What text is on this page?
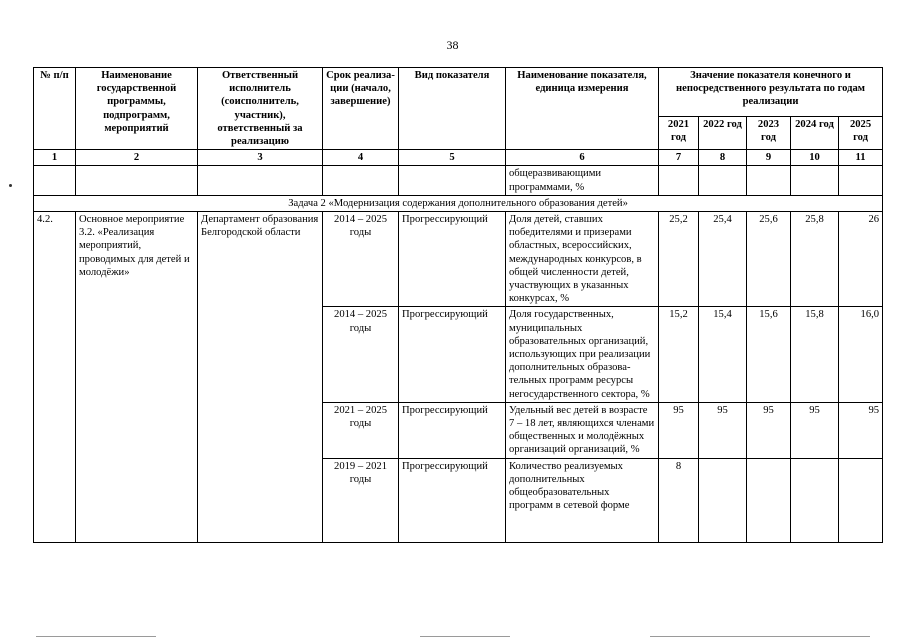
38
№ п/п	Наименование государственной программы, подпрограмм, мероприятий	Ответственный исполнитель (соисполнитель, участник), ответственный за реализацию	Срок реализа-ции (начало, завершение)	Вид показателя	Наименование показателя, единица измерения	Значение показателя конечного и непосредственного результата по годам реализации				
						2021 год	2022 год	2023 год	2024 год	2025 год
1	2	3	4	5	6	7	8	9	10	11
					общеразвивающими программами, %					
Задача 2 «Модернизация содержания дополнительного образования детей»										
4.2.	Основное мероприятие 3.2. «Реализация мероприятий, проводимых для детей и молодёжи»	Департамент образования Белгородской области	2014 – 2025 годы	Прогрессирующий	Доля детей, ставших победителями и призерами областных, всероссийских, международных конкурсов, в общей численности детей, участвующих в указанных конкурсах, %	25,2	25,4	25,6	25,8	26
			2014 – 2025 годы	Прогрессирующий	Доля государственных, муниципальных образовательных организаций, использующих при реализации дополнительных образова-тельных программ ресурсы негосударственного сектора, %	15,2	15,4	15,6	15,8	16,0
			2021 – 2025 годы	Прогрессирующий	Удельный вес детей в возрасте 7 – 18 лет, являющихся членами общественных и молодёжных организаций организаций, %	95	95	95	95	95
			2019 – 2021 годы	Прогрессирующий	Количество реализуемых дополнительных общеобразовательных программ в сетевой форме	8				
